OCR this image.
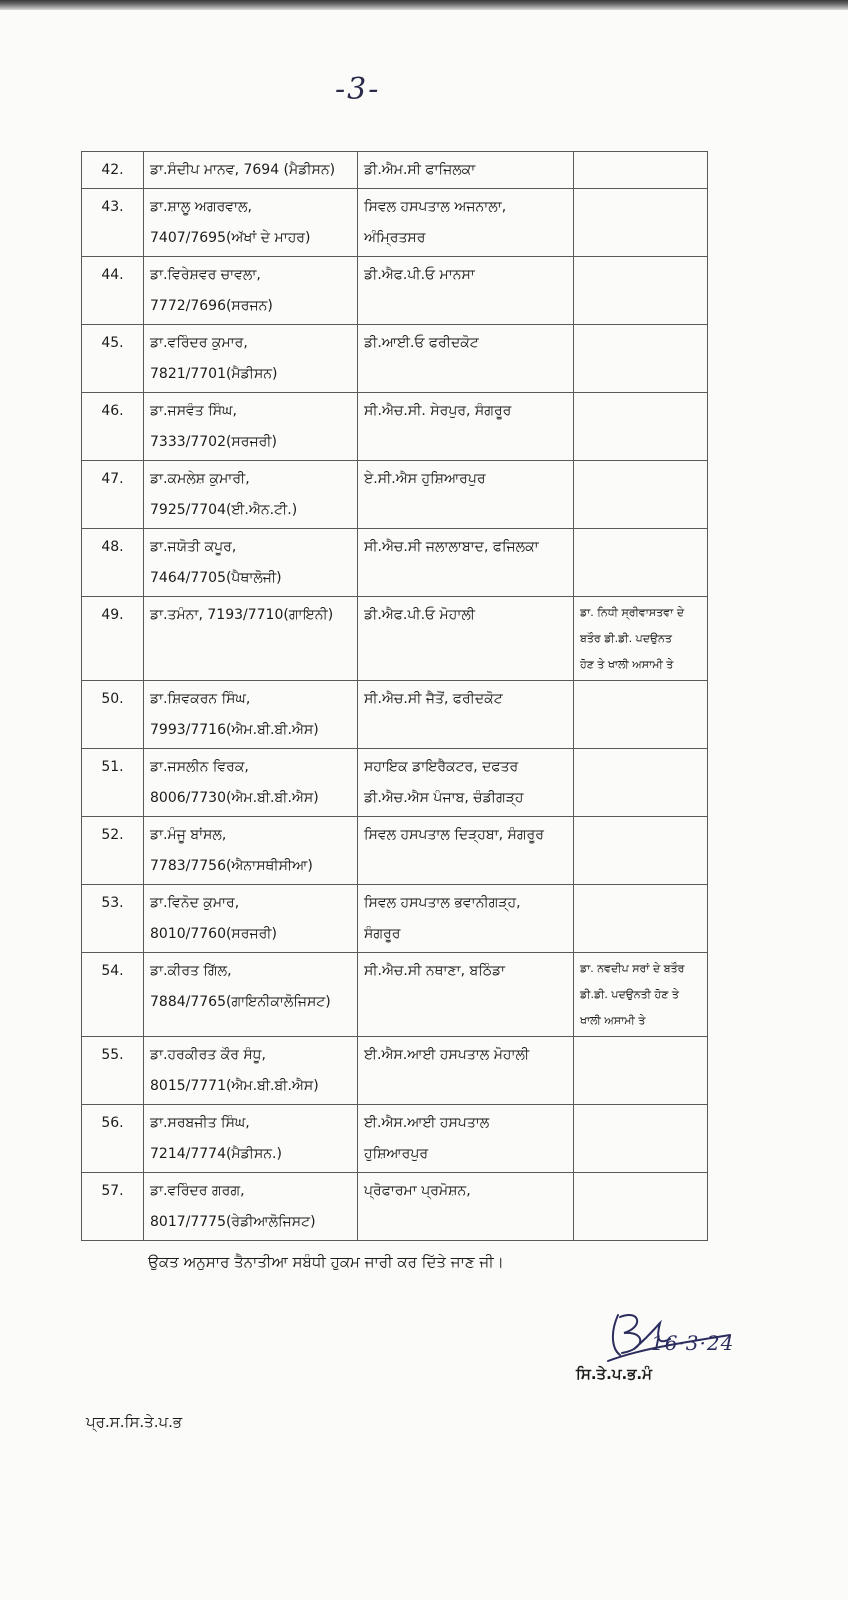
-3-
42.	ਡਾ.ਸੰਦੀਪ ਮਾਨਵ, 7694 (ਮੈਡੀਸਨ)	ਡੀ.ਐਮ.ਸੀ ਫਾਜਿਲਕਾ	

43.	ਡਾ.ਸ਼ਾਲੂ ਅਗਰਵਾਲ,
7407/7695(ਅੱਖਾਂ ਦੇ ਮਾਹਰ)	ਸਿਵਲ ਹਸਪਤਾਲ ਅਜਨਾਲਾ,
ਅੰਮ੍ਰਿਤਸਰ	

44.	ਡਾ.ਵਿਰੇਸ਼ਵਰ ਚਾਵਲਾ,
7772/7696(ਸਰਜਨ)	ਡੀ.ਐਫ.ਪੀ.ਓ ਮਾਨਸਾ	

45.	ਡਾ.ਵਰਿੰਦਰ ਕੁਮਾਰ,
7821/7701(ਮੈਡੀਸਨ)	ਡੀ.ਆਈ.ਓ ਫਰੀਦਕੋਟ	

46.	ਡਾ.ਜਸਵੰਤ ਸਿੰਘ,
7333/7702(ਸਰਜਰੀ)	ਸੀ.ਐਚ.ਸੀ. ਸੇਰਪੁਰ, ਸੰਗਰੂਰ	

47.	ਡਾ.ਕਮਲੇਸ਼ ਕੁਮਾਰੀ,
7925/7704(ਈ.ਐਨ.ਟੀ.)	ਏ.ਸੀ.ਐਸ ਹੁਸ਼ਿਆਰਪੁਰ	

48.	ਡਾ.ਜਯੋਤੀ ਕਪੂਰ,
7464/7705(ਪੈਥਾਲੋਜੀ)	ਸੀ.ਐਚ.ਸੀ ਜਲਾਲਾਬਾਦ, ਫਜਿਲਕਾ	

49.	ਡਾ.ਤਮੰਨਾ, 7193/7710(ਗਾਇਨੀ)	ਡੀ.ਐਫ.ਪੀ.ਓ ਮੋਹਾਲੀ	ਡਾ. ਨਿਧੀ ਸ੍ਰੀਵਾਸਤਵਾ ਦੇ
ਬਤੌਰ ਡੀ.ਡੀ. ਪਦਉਨਤ
ਹੋਣ ਤੇ ਖਾਲੀ ਅਸਾਮੀ ਤੇ

50.	ਡਾ.ਸ਼ਿਵਕਰਨ ਸਿੰਘ,
7993/7716(ਐਮ.ਬੀ.ਬੀ.ਐਸ)	ਸੀ.ਐਚ.ਸੀ ਜੈਤੋਂ, ਫਰੀਦਕੋਟ	

51.	ਡਾ.ਜਸਲੀਨ ਵਿਰਕ,
8006/7730(ਐਮ.ਬੀ.ਬੀ.ਐਸ)	ਸਹਾਇਕ ਡਾਇਰੈਕਟਰ, ਦਫਤਰ
ਡੀ.ਐਚ.ਐਸ ਪੰਜਾਬ, ਚੰਡੀਗੜ੍ਹ	

52.	ਡਾ.ਮੰਜੂ ਬਾਂਸਲ,
7783/7756(ਐਨਾਸਥੀਸੀਆ)	ਸਿਵਲ ਹਸਪਤਾਲ ਦਿੜ੍ਹਬਾ, ਸੰਗਰੂਰ	

53.	ਡਾ.ਵਿਨੋਦ ਕੁਮਾਰ,
8010/7760(ਸਰਜਰੀ)	ਸਿਵਲ ਹਸਪਤਾਲ ਭਵਾਨੀਗੜ੍ਹ,
ਸੰਗਰੂਰ	

54.	ਡਾ.ਕੀਰਤ ਗਿੱਲ,
7884/7765(ਗਾਇਨੀਕਾਲੋਜਿਸਟ)	ਸੀ.ਐਚ.ਸੀ ਨਥਾਣਾ, ਬਠਿੰਡਾ	ਡਾ. ਨਵਦੀਪ ਸਰਾਂ ਦੇ ਬਤੌਰ
ਡੀ.ਡੀ. ਪਦਉਨਤੀ ਹੋਣ ਤੇ
ਖਾਲੀ ਅਸਾਮੀ ਤੇ

55.	ਡਾ.ਹਰਕੀਰਤ ਕੌਰ ਸੰਧੂ,
8015/7771(ਐਮ.ਬੀ.ਬੀ.ਐਸ)	ਈ.ਐਸ.ਆਈ ਹਸਪਤਾਲ ਮੋਹਾਲੀ	

56.	ਡਾ.ਸਰਬਜੀਤ ਸਿੰਘ,
7214/7774(ਮੈਡੀਸਨ.)	ਈ.ਐਸ.ਆਈ ਹਸਪਤਾਲ
ਹੁਸ਼ਿਆਰਪੁਰ	

57.	ਡਾ.ਵਰਿੰਦਰ ਗਰਗ,
8017/7775(ਰੇਡੀਆਲੋਜਿਸਟ)	ਪ੍ਰੋਫਾਰਮਾ ਪ੍ਰਮੋਸ਼ਨ,	

ਉਕਤ ਅਨੁਸਾਰ ਤੈਨਾਤੀਆ ਸਬੰਧੀ ਹੁਕਮ ਜਾਰੀ ਕਰ ਦਿੱਤੇ ਜਾਣ ਜੀ।
16·3·24
ਸਿ.ਤੇ.ਪ.ਭ.ਮੰ
ਪ੍ਰ.ਸ.ਸਿ.ਤੇ.ਪ.ਭ
